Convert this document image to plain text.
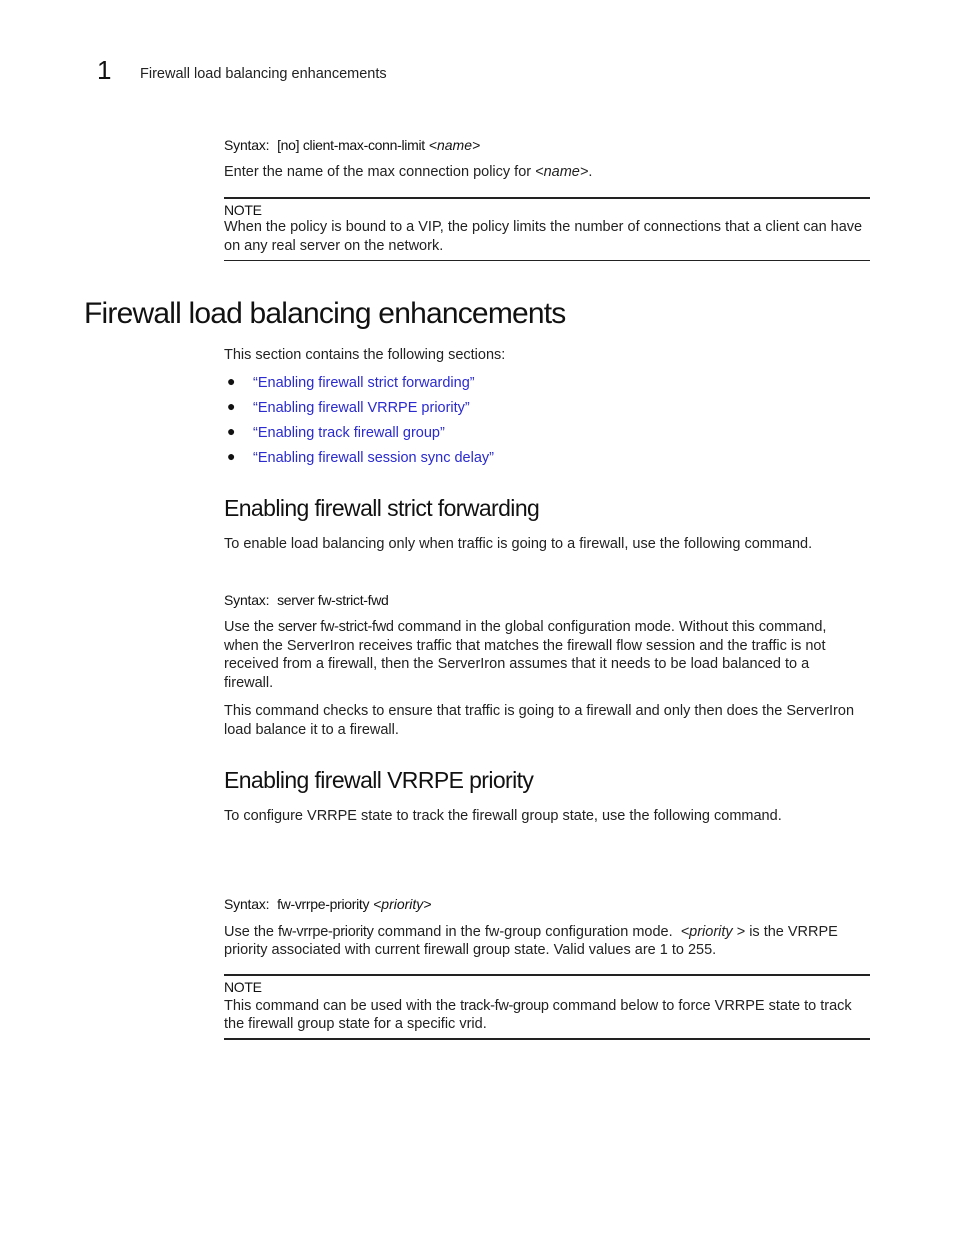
1 Firewall load balancing enhancements
Syntax: [no] client-max-conn-limit <name>
Enter the name of the max connection policy for <name>.
NOTE
When the policy is bound to a VIP, the policy limits the number of connections that a client can have
on any real server on the network.
Firewall load balancing enhancements
This section contains the following sections:
● “Enabling firewall strict forwarding”
● “Enabling firewall VRRPE priority”
● “Enabling track firewall group”
● “Enabling firewall session sync delay”
Enabling firewall strict forwarding
To enable load balancing only when traffic is going to a firewall, use the following command.
Syntax: server fw-strict-fwd
Use the server fw-strict-fwd command in the global configuration mode. Without this command,
when the ServerIron receives traffic that matches the firewall flow session and the traffic is not
received from a firewall, then the ServerIron assumes that it needs to be load balanced to a
firewall.
This command checks to ensure that traffic is going to a firewall and only then does the ServerIron
load balance it to a firewall.
Enabling firewall VRRPE priority
To configure VRRPE state to track the firewall group state, use the following command.
Syntax: fw-vrrpe-priority <priority>
Use the fw-vrrpe-priority command in the fw-group configuration mode.  <priority > is the VRRPE
priority associated with current firewall group state. Valid values are 1 to 255.
NOTE
This command can be used with the track-fw-group command below to force VRRPE state to track
the firewall group state for a specific vrid.
